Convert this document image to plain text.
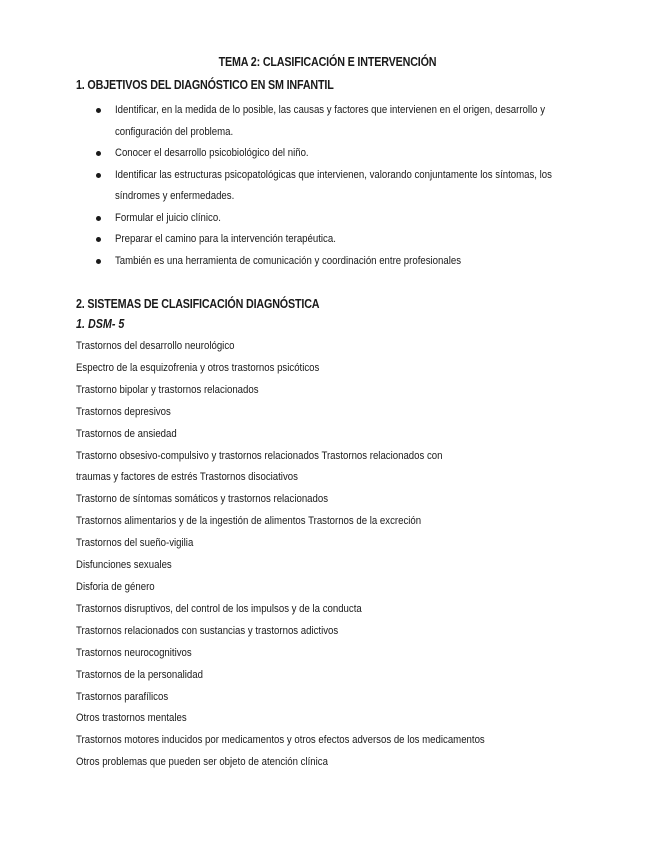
TEMA 2: CLASIFICACIÓN E INTERVENCIÓN
1. OBJETIVOS DEL DIAGNÓSTICO EN SM INFANTIL
Identificar, en la medida de lo posible, las causas y factores que intervienen en el origen, desarrollo y
configuración del problema.
Conocer el desarrollo psicobiológico del niño.
Identificar las estructuras psicopatológicas que intervienen, valorando conjuntamente los síntomas, los
síndromes y enfermedades.
Formular el juicio clínico.
Preparar el camino para la intervención terapéutica.
También es una herramienta de comunicación y coordinación entre profesionales
2. SISTEMAS DE CLASIFICACIÓN DIAGNÓSTICA
1. DSM- 5
Trastornos del desarrollo neurológico
Espectro de la esquizofrenia y otros trastornos psicóticos
Trastorno bipolar y trastornos relacionados
Trastornos depresivos
Trastornos de ansiedad
Trastorno obsesivo-compulsivo y trastornos relacionados Trastornos relacionados con
traumas y factores de estrés Trastornos disociativos
Trastorno de síntomas somáticos y trastornos relacionados
Trastornos alimentarios y de la ingestión de alimentos Trastornos de la excreción
Trastornos del sueño-vigilia
Disfunciones sexuales
Disforia de género
Trastornos disruptivos, del control de los impulsos y de la conducta
Trastornos relacionados con sustancias y trastornos adictivos
Trastornos neurocognitivos
Trastornos de la personalidad
Trastornos parafílicos
Otros trastornos mentales
Trastornos motores inducidos por medicamentos y otros efectos adversos de los medicamentos
Otros problemas que pueden ser objeto de atención clínica
